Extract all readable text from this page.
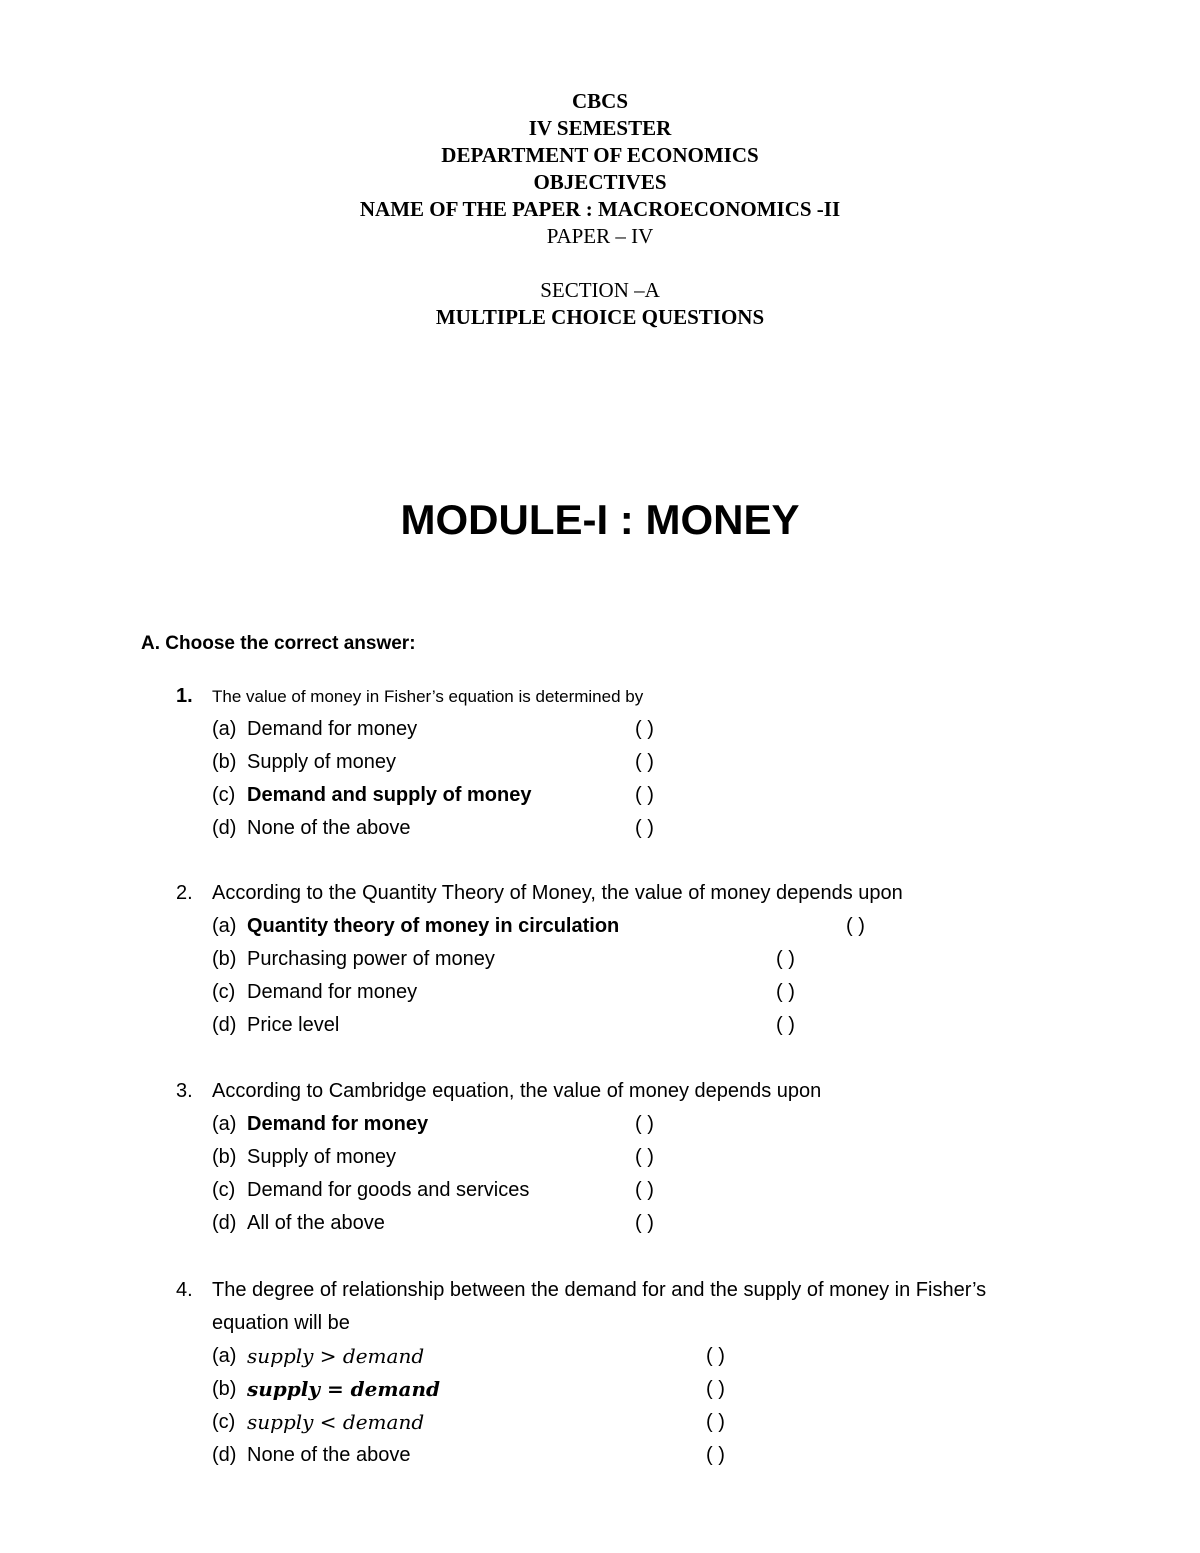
CBCS
IV SEMESTER
DEPARTMENT OF ECONOMICS
OBJECTIVES
NAME OF THE PAPER : MACROECONOMICS -II
PAPER – IV
SECTION –A
MULTIPLE CHOICE QUESTIONS
MODULE-I : MONEY
A. Choose the correct answer:
1.	The value of money in Fisher’s equation is determined by
(a) Demand for money	( )
(b) Supply of money	( )
(c) Demand and supply of money	( )
(d) None of the above	( )
2. According to the Quantity Theory of Money, the value of money depends upon
(a) Quantity theory of money in circulation	( )
(b) Purchasing power of money	( )
(c) Demand for money	( )
(d) Price level	( )
3. According to Cambridge equation, the value of money depends upon
(a) Demand for money	( )
(b) Supply of money	( )
(c) Demand for goods and services	( )
(d) All of the above	( )
4. The degree of relationship between the demand for and the supply of money in Fisher’s
equation will be
(a) supply > demand	( )
(b) supply = demand	( )
(c) supply < demand	( )
(d) None of the above	( )
